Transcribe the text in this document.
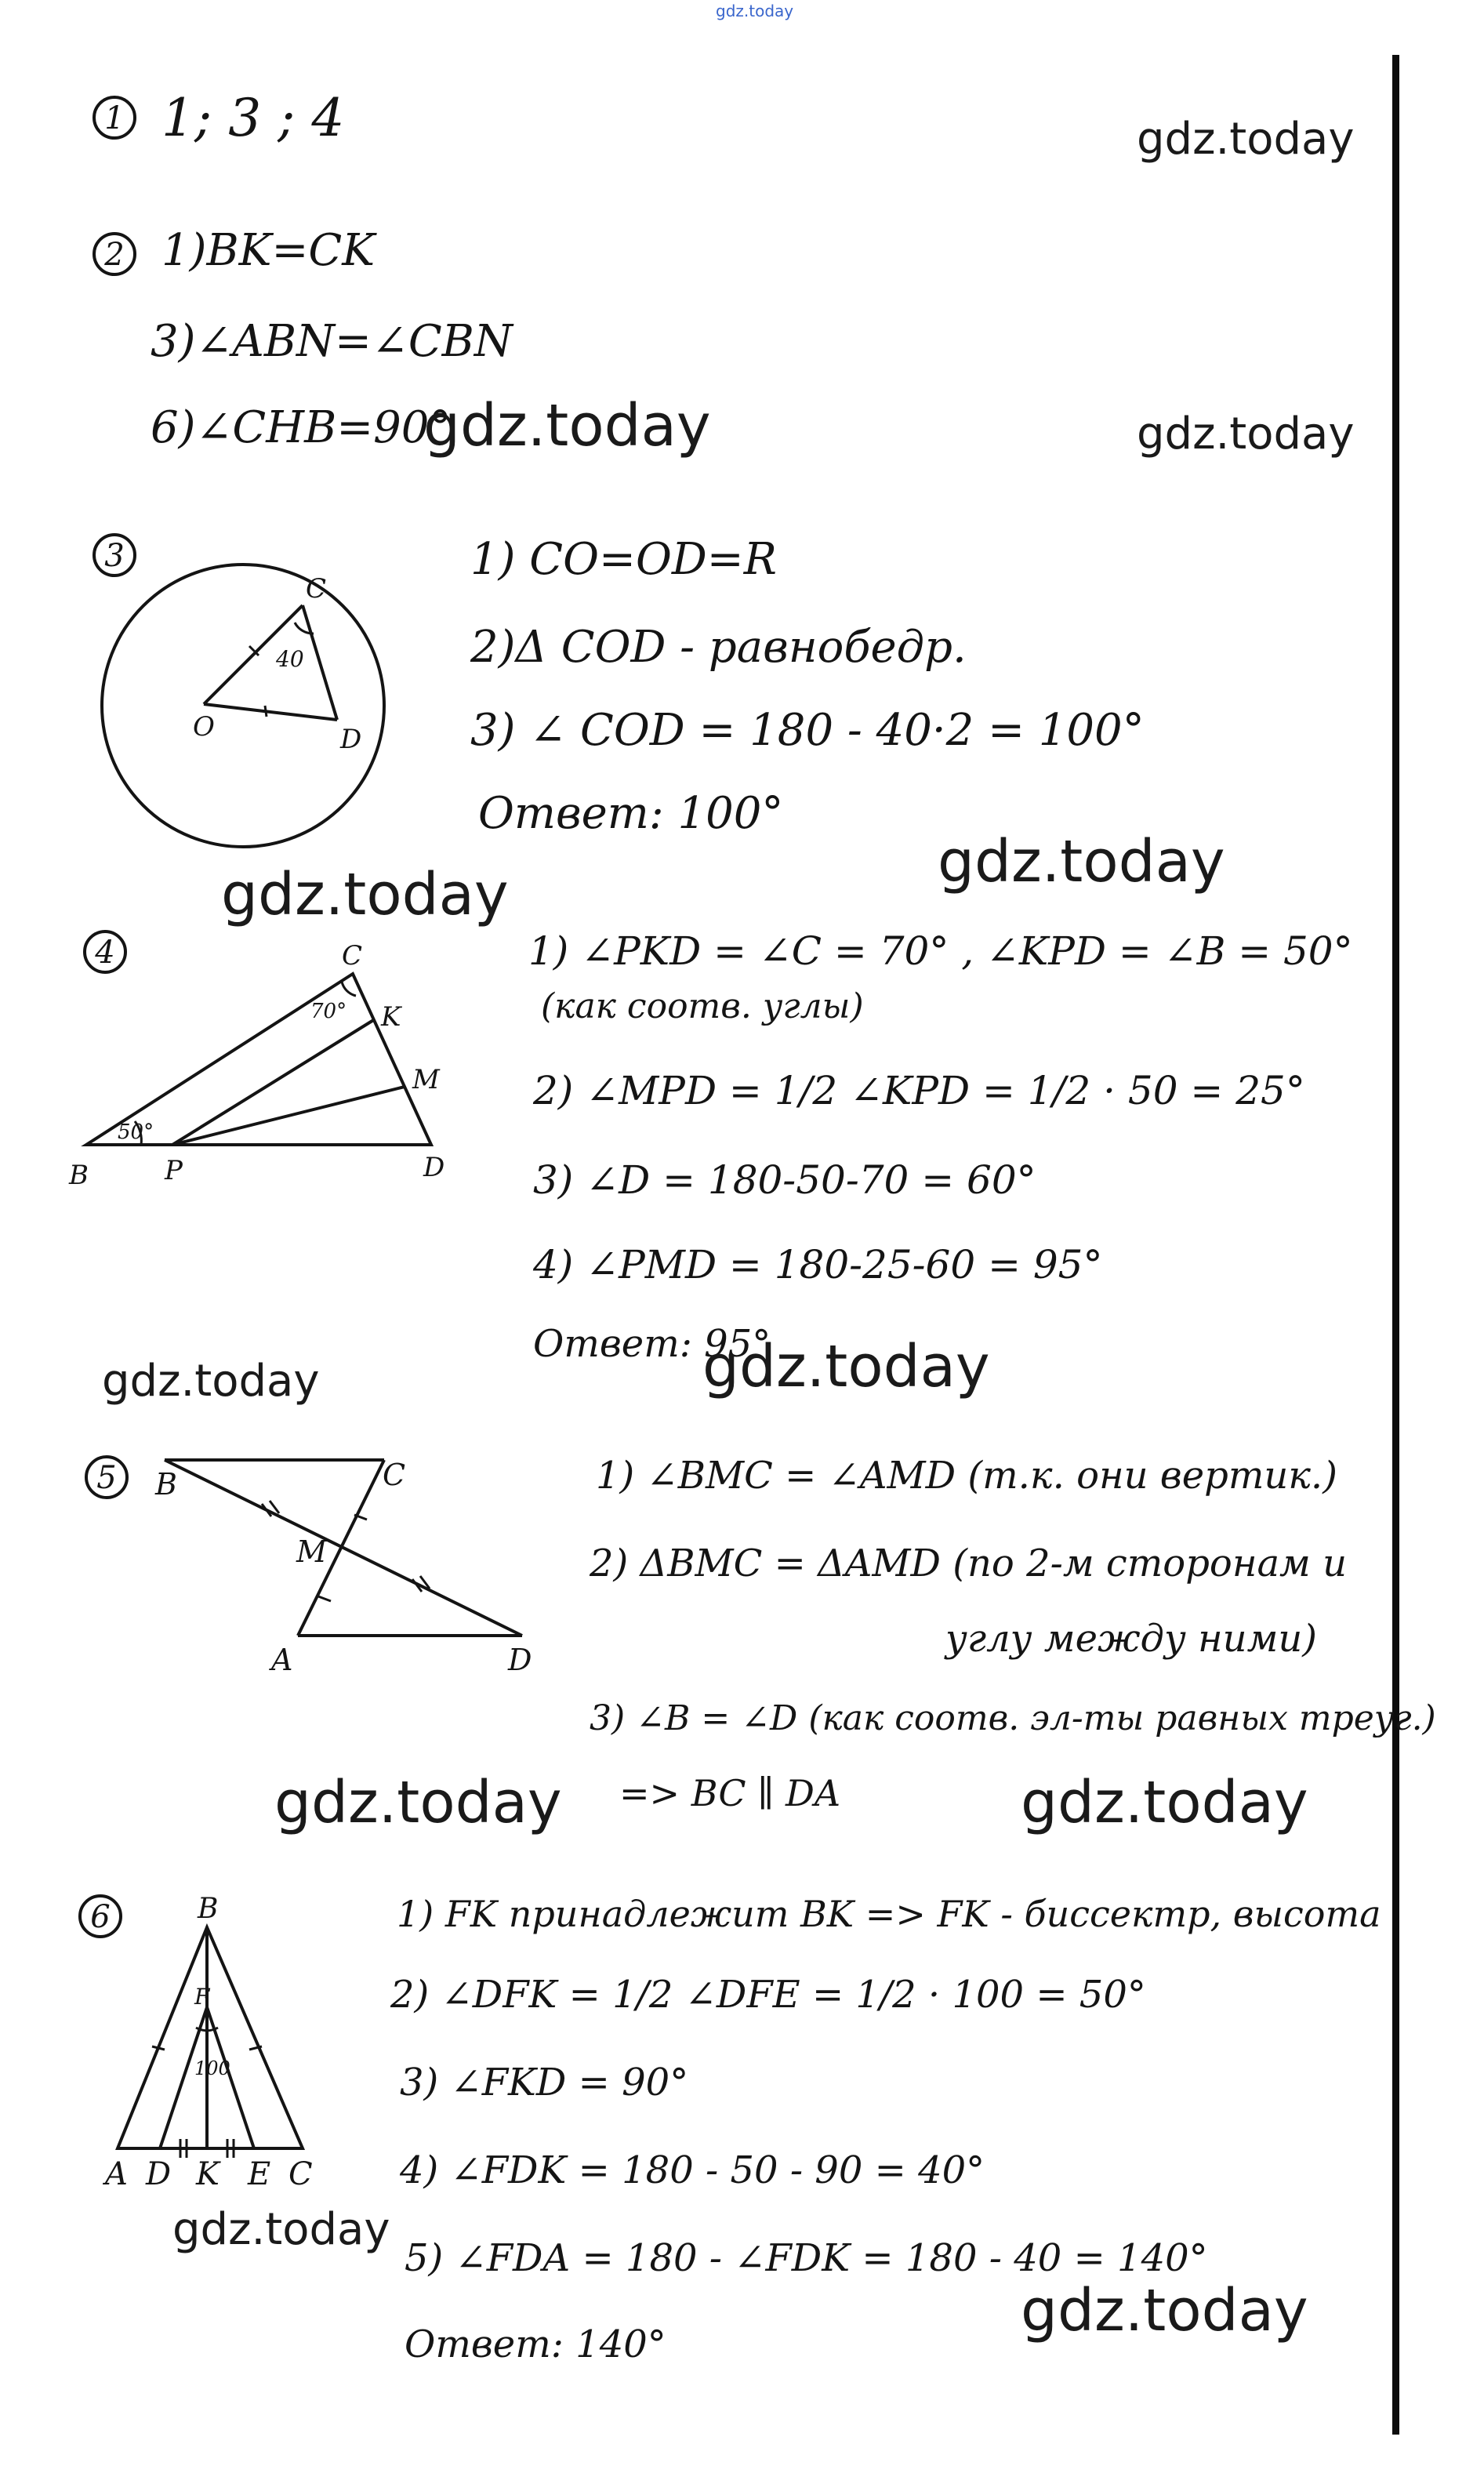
gdz.today
1 1; 3 ; 4	gdz.today
2 1)BK=CK
3)∠ABN=∠CBN
6)∠CHB=90°
gdz.today	gdz.today
3
C
O	D
40
1) CO=OD=R
2)Δ COD - равнобедр.
3) ∠ COD = 180 - 40·2 = 100°
Ответ: 100°
gdz.today
gdz.today
4	C
K
M
B	P	D
70°
50°
1) ∠PKD = ∠C = 70° , ∠KPD = ∠B = 50°
(как соотв. углы)
2) ∠MPD = 1/2 ∠KPD = 1/2 · 50 = 25°
3) ∠D = 180-50-70 = 60°
4) ∠PMD = 180-25-60 = 95°
Ответ: 95°
gdz.today
gdz.today
5	B	C
M
A	D
1) ∠BMC = ∠AMD (т.к. они вертик.)
2) ΔBMC = ΔAMD (по 2-м сторонам и
углу между ними)
3) ∠B = ∠D (как соотв. эл-ты равных треуг.)
=> BC ∥ DA
gdz.today	gdz.today
6	B
F
100
A D K E C
1) FK принадлежит BK => FK - биссектр, высота
2) ∠DFK = 1/2 ∠DFE = 1/2 · 100 = 50°
3) ∠FKD = 90°
4) ∠FDK = 180 - 50 - 90 = 40°
5) ∠FDA = 180 - ∠FDK = 180 - 40 = 140°
Ответ: 140°
gdz.today
gdz.today
